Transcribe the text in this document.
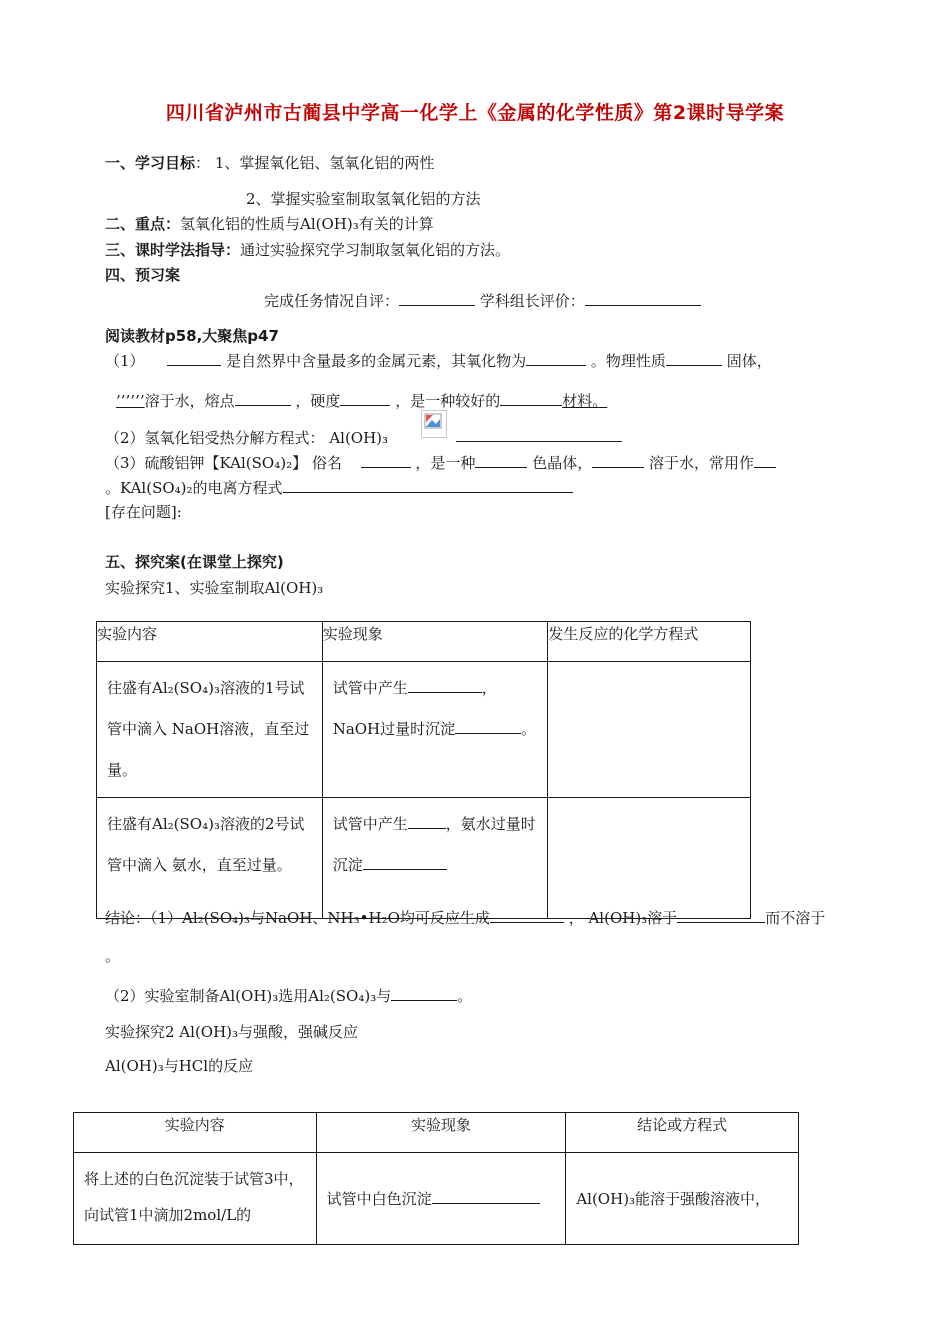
四川省泸州市古蔺县中学高一化学上《金属的化学性质》第2课时导学案
一、学习目标： 1、掌握氧化铝、氢氧化铝的两性
2、掌握实验室制取氢氧化铝的方法
二、重点：氢氧化铝的性质与Al(OH)₃有关的计算
三、课时学法指导：通过实验探究学习制取氢氧化铝的方法。
四、预习案
完成任务情况自评：	学科组长评价：
阅读教材p58,大聚焦p47
（1）	是自然界中含量最多的金属元素，其氧化物为	。物理性质	固体，
’’’’’’溶于水，熔点	，硬度	，是一种较好的	材料。
（2）氢氧化铝受热分解方程式： Al(OH)₃
（3）硫酸铝钾【KAl(SO₄)₂】 俗名	，是一种	色晶体，	溶于水，常用作
。KAl(SO₄)₂的电离方程式
[存在问题]:
五、探究案(在课堂上探究)
实验探究1、实验室制取Al(OH)₃
实验内容	实验现象	发生反应的化学方程式

往盛有Al₂(SO₄)₃溶液的1号试管中滴入 NaOH溶液，直至过量。	试管中产生 ，NaOH过量时沉淀 。	

往盛有Al₂(SO₄)₃溶液的2号试管中滴入 氨水，直至过量。	试管中产生 ，氨水过量时沉淀	

结论：（1）Al₂(SO₄)₃与NaOH、NH₃•H₂O均可反应生成	， Al(OH)₃溶于	而不溶于
。
（2）实验室制备Al(OH)₃选用Al₂(SO₄)₃与	。
实验探究2 Al(OH)₃与强酸，强碱反应
Al(OH)₃与HCl的反应
实验内容	实验现象	结论或方程式

将上述的白色沉淀装于试管3中，向试管1中滴加2mol/L的	试管中白色沉淀	Al(OH)₃能溶于强酸溶液中，
